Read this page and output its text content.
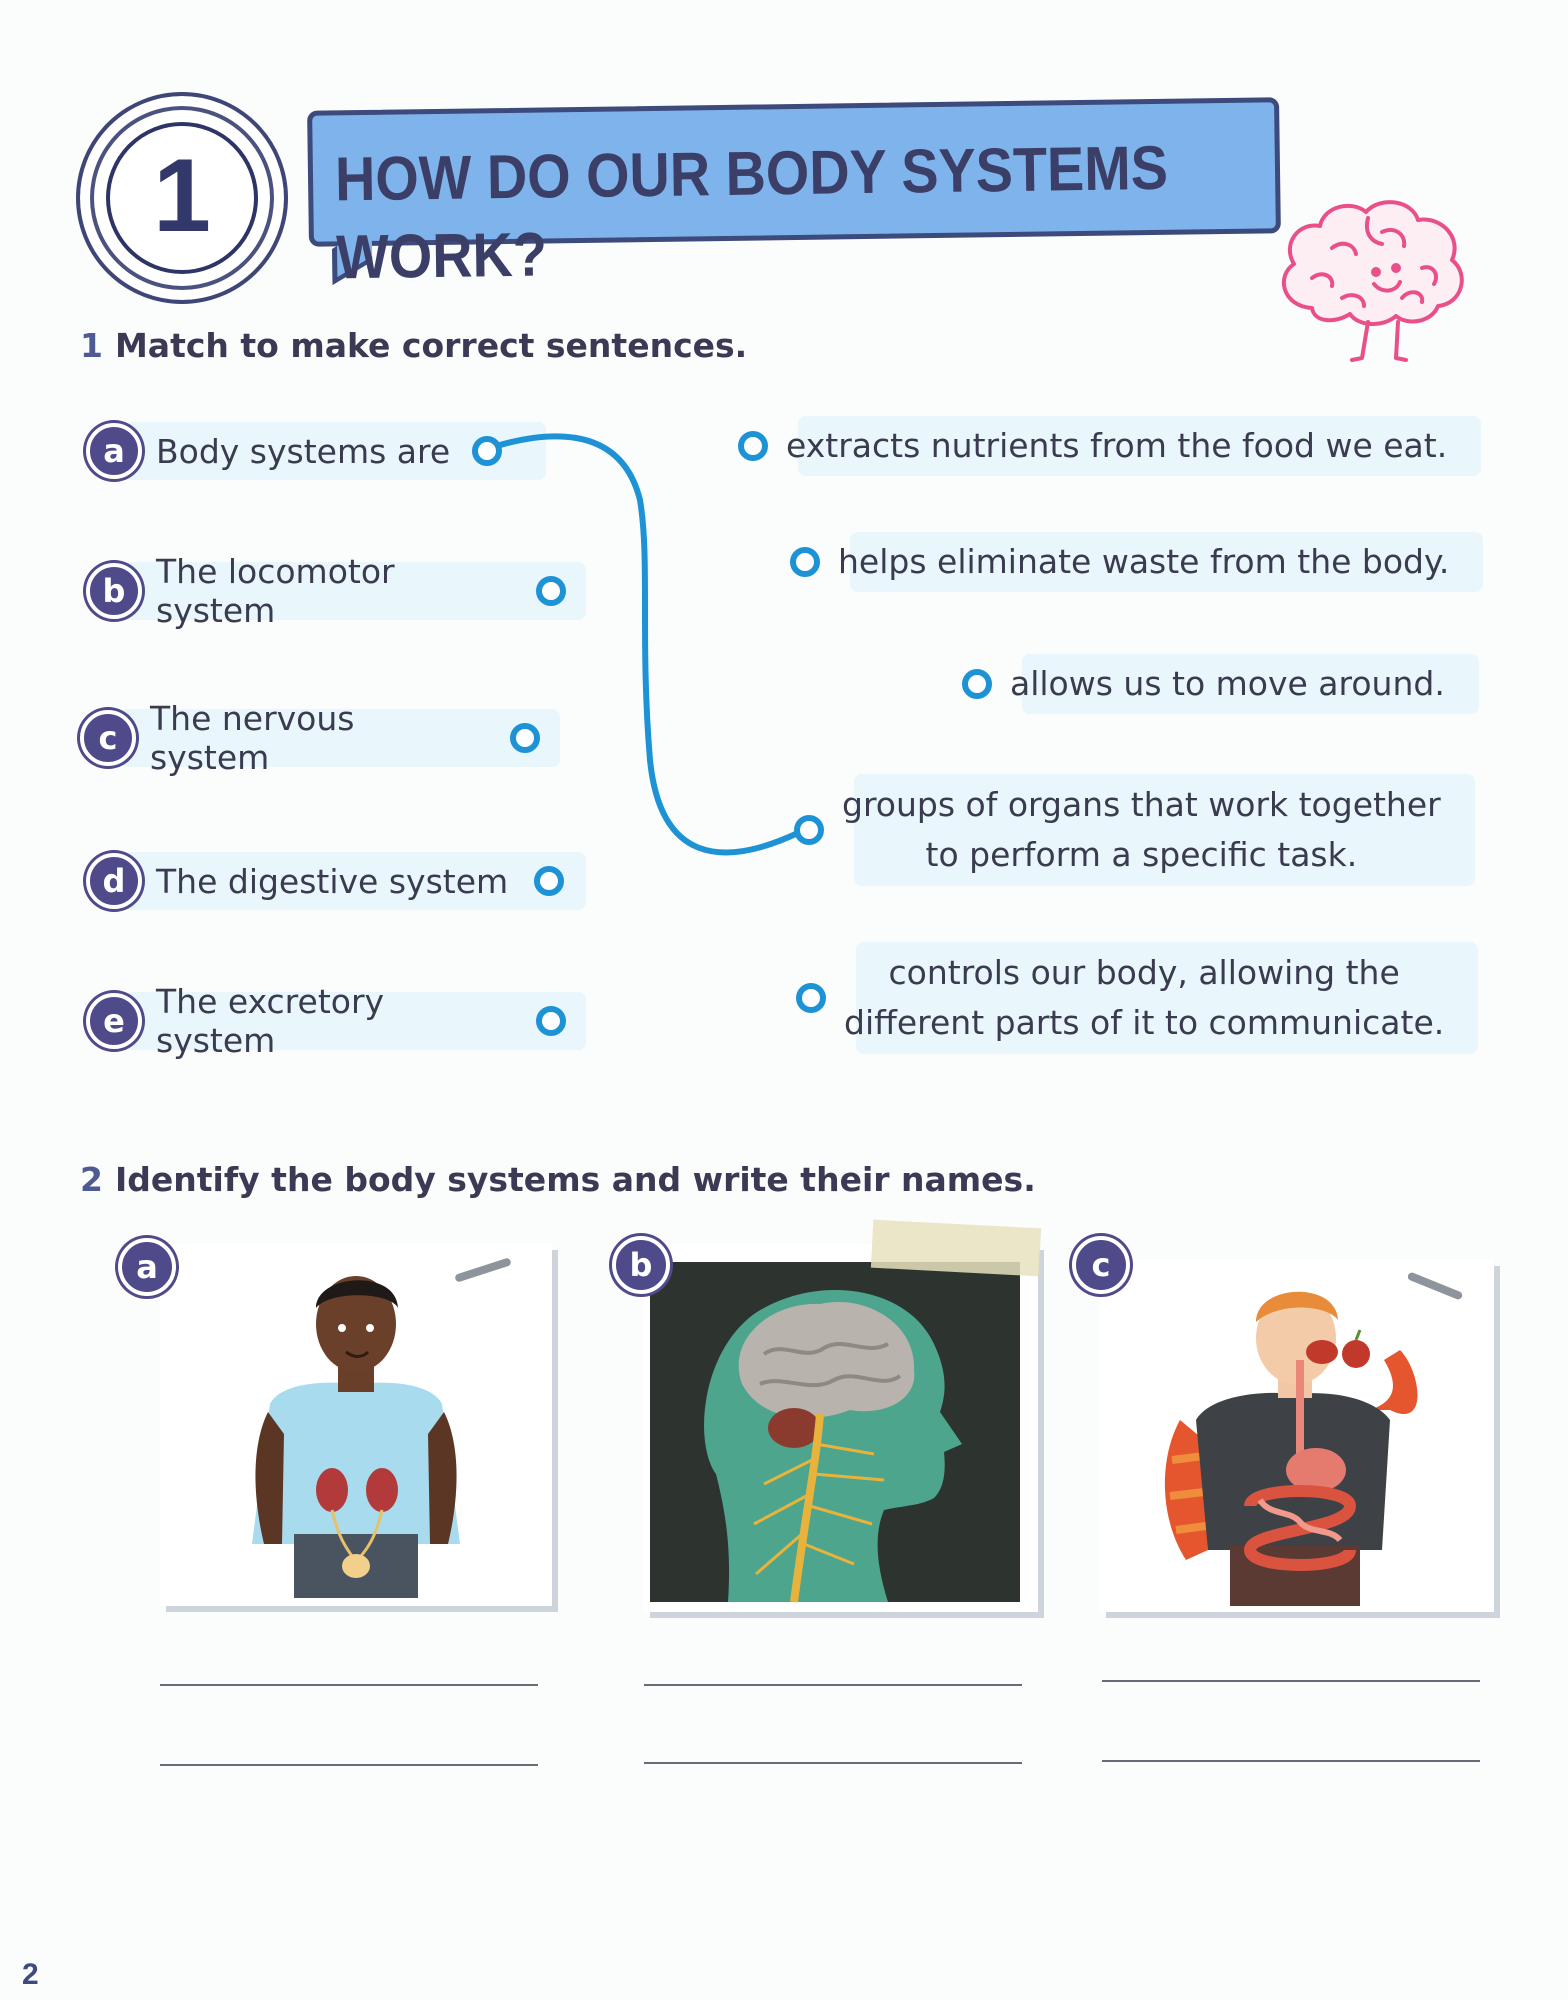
1	HOW DO OUR BODY SYSTEMS WORK?
1 Match to make correct sentences.
a Body systems are
b The locomotor system
c The nervous system
d The digestive system
e The excretory system
extracts nutrients from the food we eat.
helps eliminate waste from the body.
allows us to move around.
groups of organs that work together
to perform a specific task.
controls our body, allowing the
different parts of it to communicate.
2 Identify the body systems and write their names.
a	b	c
2
